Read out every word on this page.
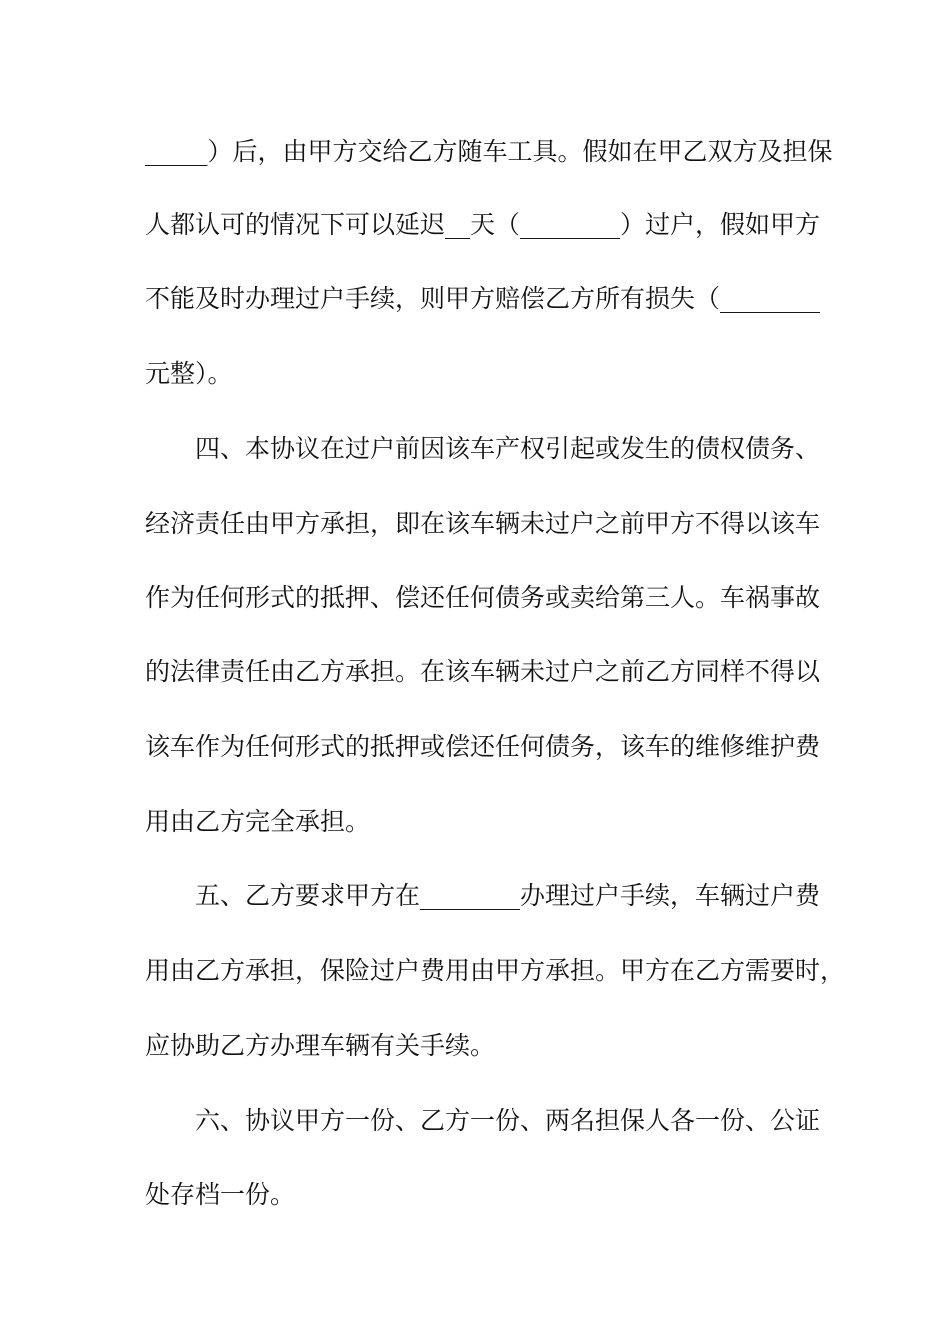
_____）后，由甲方交给乙方随车工具。假如在甲乙双方及担保
人都认可的情况下可以延迟__天（________）过户，假如甲方
不能及时办理过户手续，则甲方赔偿乙方所有损失（________
元整）。
　　四、本协议在过户前因该车产权引起或发生的债权债务、
经济责任由甲方承担，即在该车辆未过户之前甲方不得以该车
作为任何形式的抵押、偿还任何债务或卖给第三人。车祸事故
的法律责任由乙方承担。在该车辆未过户之前乙方同样不得以
该车作为任何形式的抵押或偿还任何债务，该车的维修维护费
用由乙方完全承担。
　　五、乙方要求甲方在________办理过户手续，车辆过户费
用由乙方承担，保险过户费用由甲方承担。甲方在乙方需要时，
应协助乙方办理车辆有关手续。
　　六、协议甲方一份、乙方一份、两名担保人各一份、公证
处存档一份。
